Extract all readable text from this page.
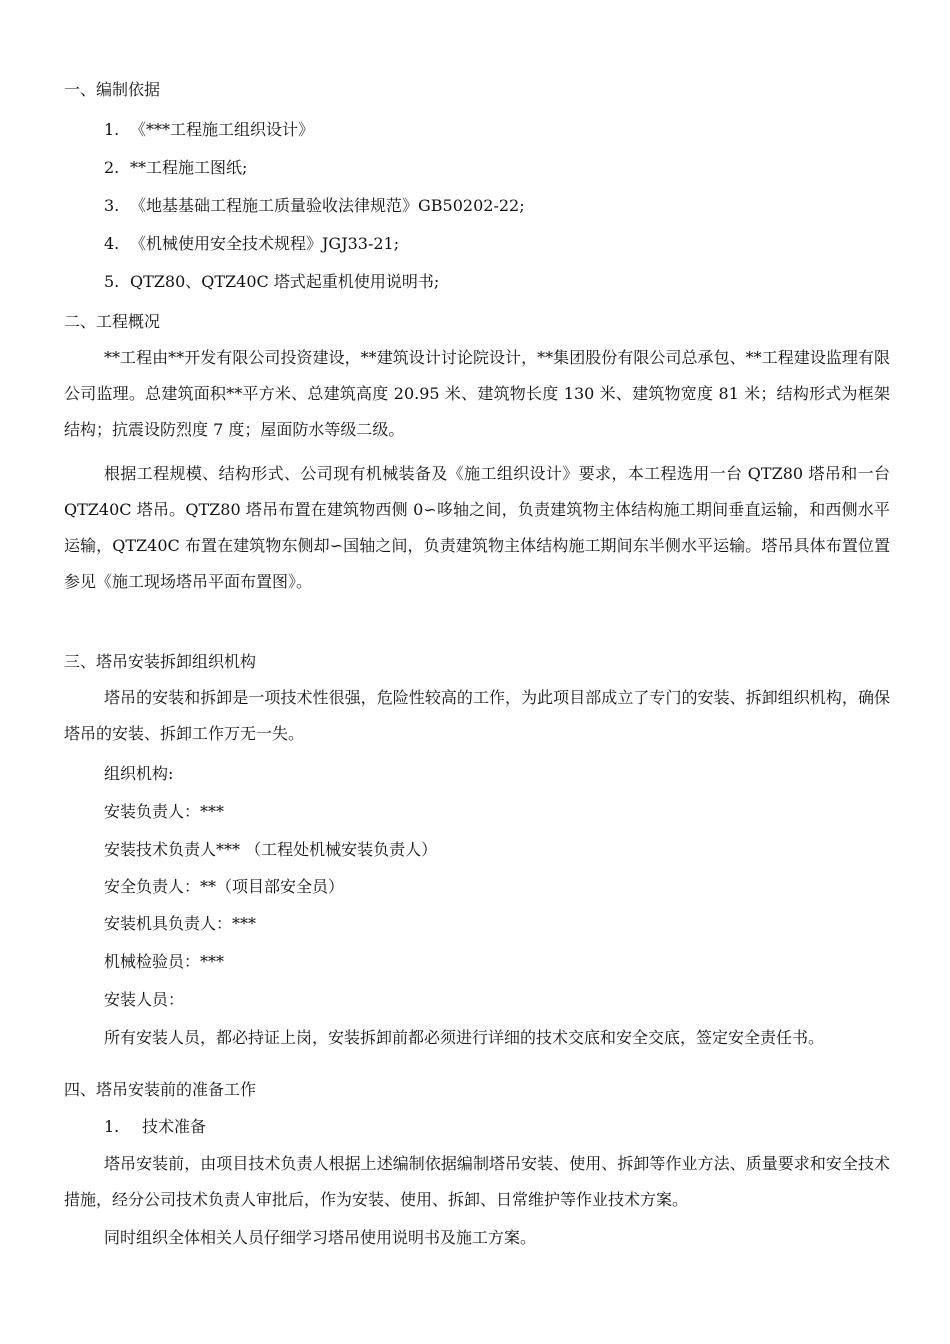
一、编制依据
1. 《***工程施工组织设计》
2. **工程施工图纸;
3. 《地基基础工程施工质量验收法律规范》GB50202-22;
4. 《机械使用安全技术规程》JGJ33-21;
5. QTZ80、QTZ40C 塔式起重机使用说明书;
二、工程概况
**工程由**开发有限公司投资建设，**建筑设计讨论院设计，**集团股份有限公司总承包、**工程建设监理有限公司监理。总建筑面积**平方米、总建筑高度 20.95 米、建筑物长度 130 米、建筑物宽度 81 米；结构形式为框架结构；抗震设防烈度 7 度；屋面防水等级二级。
根据工程规模、结构形式、公司现有机械装备及《施工组织设计》要求，本工程选用一台 QTZ80 塔吊和一台 QTZ40C 塔吊。QTZ80 塔吊布置在建筑物西侧 0∽哆轴之间，负责建筑物主体结构施工期间垂直运输，和西侧水平运输，QTZ40C 布置在建筑物东侧却∽国轴之间，负责建筑物主体结构施工期间东半侧水平运输。塔吊具体布置位置参见《施工现场塔吊平面布置图》。
三、塔吊安装拆卸组织机构
塔吊的安装和拆卸是一项技术性很强，危险性较高的工作，为此项目部成立了专门的安装、拆卸组织机构，确保塔吊的安装、拆卸工作万无一失。
组织机构:
安装负责人：***
安装技术负责人*** （工程处机械安装负责人）
安全负责人：**（项目部安全员）
安装机具负责人：***
机械检验员：***
安装人员：
所有安装人员，都必持证上岗，安装拆卸前都必须进行详细的技术交底和安全交底，签定安全责任书。
四、塔吊安装前的准备工作
1. 技术准备
塔吊安装前，由项目技术负责人根据上述编制依据编制塔吊安装、使用、拆卸等作业方法、质量要求和安全技术措施，经分公司技术负责人审批后，作为安装、使用、拆卸、日常维护等作业技术方案。
同时组织全体相关人员仔细学习塔吊使用说明书及施工方案。
